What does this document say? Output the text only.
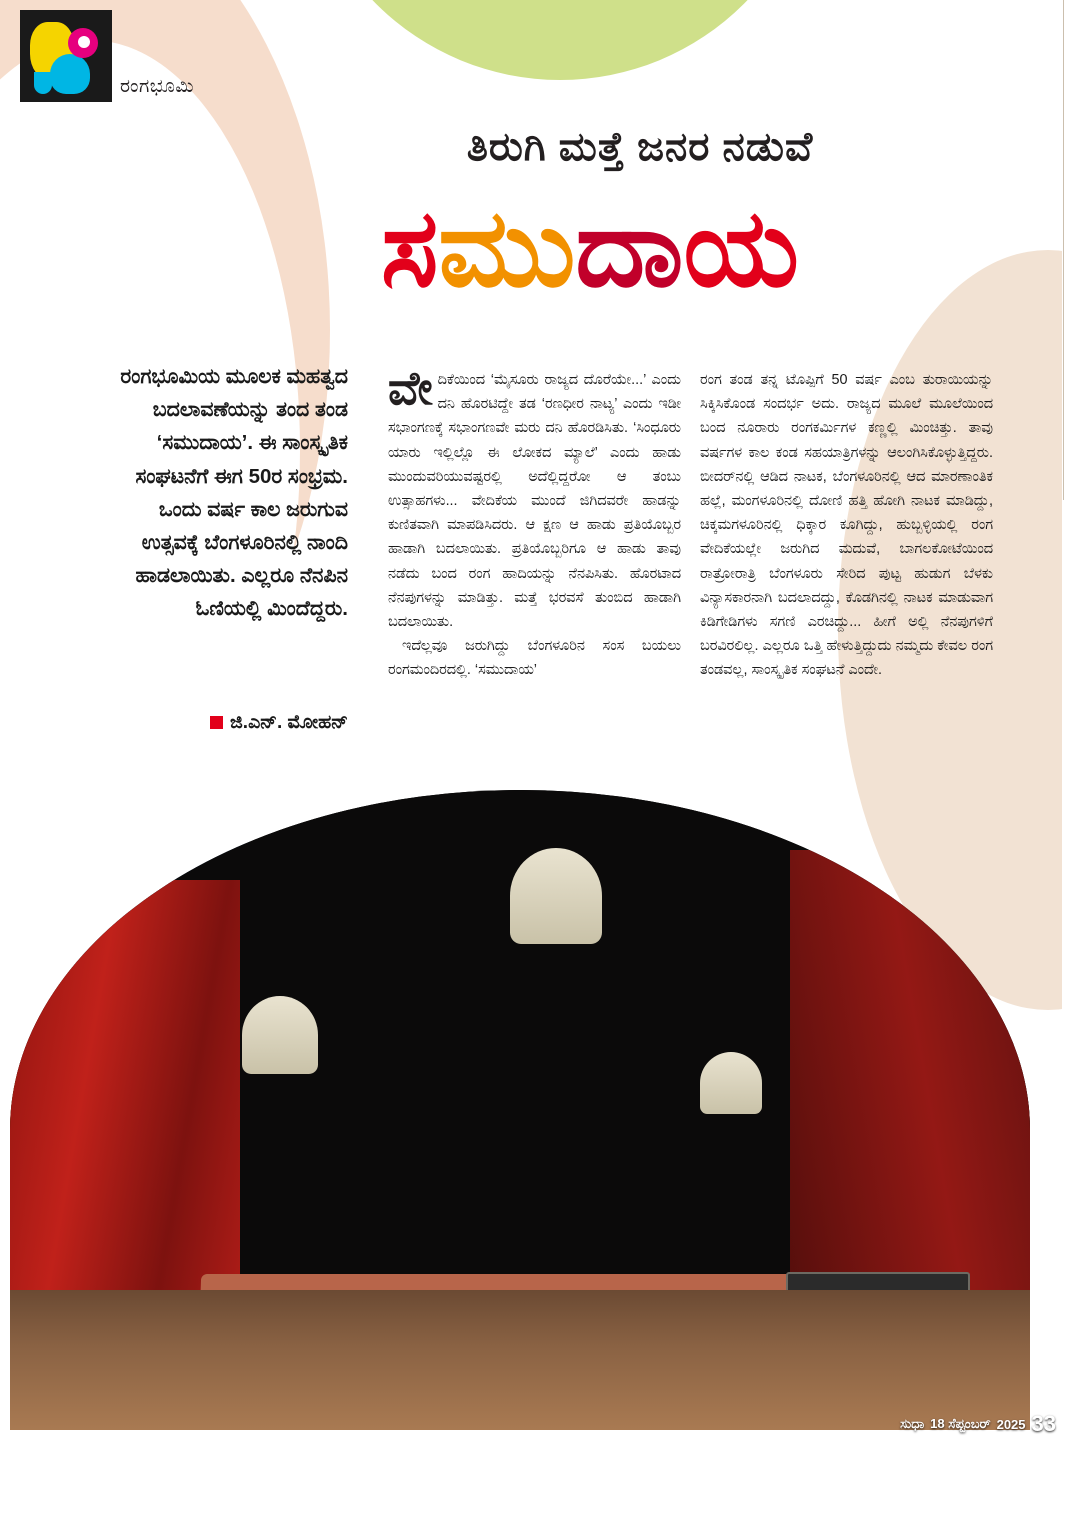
ರಂಗಭೂಮಿ
ತಿರುಗಿ ಮತ್ತೆ ಜನರ ನಡುವೆ
ಸಮುದಾಯ
ರಂಗಭೂಮಿಯ ಮೂಲಕ ಮಹತ್ವದ ಬದಲಾವಣೆಯನ್ನು ತಂದ ತಂಡ ‘ಸಮುದಾಯ’. ಈ ಸಾಂಸ್ಕೃತಿಕ ಸಂಘಟನೆಗೆ ಈಗ 50ರ ಸಂಭ್ರಮ. ಒಂದು ವರ್ಷ ಕಾಲ ಜರುಗುವ ಉತ್ಸವಕ್ಕೆ ಬೆಂಗಳೂರಿನಲ್ಲಿ ನಾಂದಿ ಹಾಡಲಾಯಿತು. ಎಲ್ಲರೂ ನೆನಪಿನ ಓಣಿಯಲ್ಲಿ ಮಿಂದೆದ್ದರು.
ಜಿ.ಎನ್. ಮೋಹನ್

ವೇದಿಕೆಯಿಂದ ‘ಮೈಸೂರು ರಾಜ್ಯದ ದೊರೆಯೇ...’ ಎಂದು ದನಿ ಹೊರಟಿದ್ದೇ ತಡ ‘ರಣಧೀರ ನಾಟ್ಯ’ ಎಂದು ಇಡೀ ಸಭಾಂಗಣಕ್ಕೆ ಸಭಾಂಗಣವೇ ಮರು ದನಿ ಹೊರಡಿಸಿತು. ‘ಸಿಂಧೂರು ಯಾರು ಇಲ್ಲಿಲ್ಲೊ ಈ ಲೋಕದ ಮ್ಯಾಲೆ’ ಎಂದು ಹಾಡು ಮುಂದುವರಿಯುವಷ್ಟರಲ್ಲಿ ಅದೆಲ್ಲಿದ್ದರೋ ಆ ತಂಬು ಉತ್ಸಾಹಗಳು... ವೇದಿಕೆಯ ಮುಂದೆ ಜಿಗಿದವರೇ ಹಾಡನ್ನು ಕುಣಿತವಾಗಿ ಮಾಪಡಿಸಿದರು. ಆ ಕ್ಷಣ ಆ ಹಾಡು ಪ್ರತಿಯೊಬ್ಬರ ಹಾಡಾಗಿ ಬದಲಾಯಿತು. ಪ್ರತಿಯೊಬ್ಬರಿಗೂ ಆ ಹಾಡು ತಾವು ನಡೆದು ಬಂದ ರಂಗ ಹಾದಿಯನ್ನು ನೆನಪಿಸಿತು. ಹೊರಟಾದ ನೆನಪುಗಳನ್ನು ಮಾಡಿತ್ತು. ಮತ್ತೆ ಭರವಸೆ ತುಂಬಿದ ಹಾಡಾಗಿ ಬದಲಾಯಿತು.

ಇದೆಲ್ಲವೂ ಜರುಗಿದ್ದು ಬೆಂಗಳೂರಿನ ಸಂಸ ಬಯಲು ರಂಗಮಂದಿರದಲ್ಲಿ. ‘ಸಮುದಾಯ’

ರಂಗ ತಂಡ ತನ್ನ ಟೊಪ್ಪಿಗೆ 50 ವರ್ಷ ಎಂಬ ತುರಾಯಿಯನ್ನು ಸಿಕ್ಕಿಸಿಕೊಂಡ ಸಂದರ್ಭ ಅದು. ರಾಜ್ಯದ ಮೂಲೆ ಮೂಲೆಯಿಂದ ಬಂದ ನೂರಾರು ರಂಗಕರ್ಮಿಗಳ ಕಣ್ಣಲ್ಲಿ ಮಿಂಚಿತ್ತು. ತಾವು ವರ್ಷಗಳ ಕಾಲ ಕಂಡ ಸಹಯಾತ್ರಿಗಳನ್ನು ಆಲಂಗಿಸಿಕೊಳ್ಳುತ್ತಿದ್ದರು. ಬೀದರ್‌ನಲ್ಲಿ ಆಡಿದ ನಾಟಕ, ಬೆಂಗಳೂರಿನಲ್ಲಿ ಆದ ಮಾರಣಾಂತಿಕ ಹಲ್ಲೆ, ಮಂಗಳೂರಿನಲ್ಲಿ ದೋಣಿ ಹತ್ತಿ ಹೋಗಿ ನಾಟಕ ಮಾಡಿದ್ದು, ಚಿಕ್ಕಮಗಳೂರಿನಲ್ಲಿ ಧಿಕ್ಕಾರ ಕೂಗಿದ್ದು, ಹುಬ್ಬಳ್ಳಿಯಲ್ಲಿ ರಂಗ ವೇದಿಕೆಯಲ್ಲೇ ಜರುಗಿದ ಮದುವೆ, ಬಾಗಲಕೋಟೆಯಿಂದ ರಾತ್ರೋರಾತ್ರಿ ಬೆಂಗಳೂರು ಸೇರಿದ ಪುಟ್ಟ ಹುಡುಗ ಬೆಳಕು ವಿನ್ಯಾಸಕಾರನಾಗಿ ಬದಲಾದದ್ದು, ಕೊಡಗಿನಲ್ಲಿ ನಾಟಕ ಮಾಡುವಾಗ ಕಿಡಿಗೇಡಿಗಳು ಸಗಣಿ ಎರಚಿದ್ದು... ಹೀಗೆ ಅಲ್ಲಿ ನೆನಪುಗಳಿಗೆ ಬರವಿರಲಿಲ್ಲ. ಎಲ್ಲರೂ ಒತ್ತಿ ಹೇಳುತ್ತಿದ್ದುದು ನಮ್ಮದು ಕೇವಲ ರಂಗ ತಂಡವಲ್ಲ, ಸಾಂಸ್ಕೃತಿಕ ಸಂಘಟನೆ ಎಂದೇ.

ಸುಧಾ 18 ಸೆಪ್ಟಂಬರ್ 2025 33
